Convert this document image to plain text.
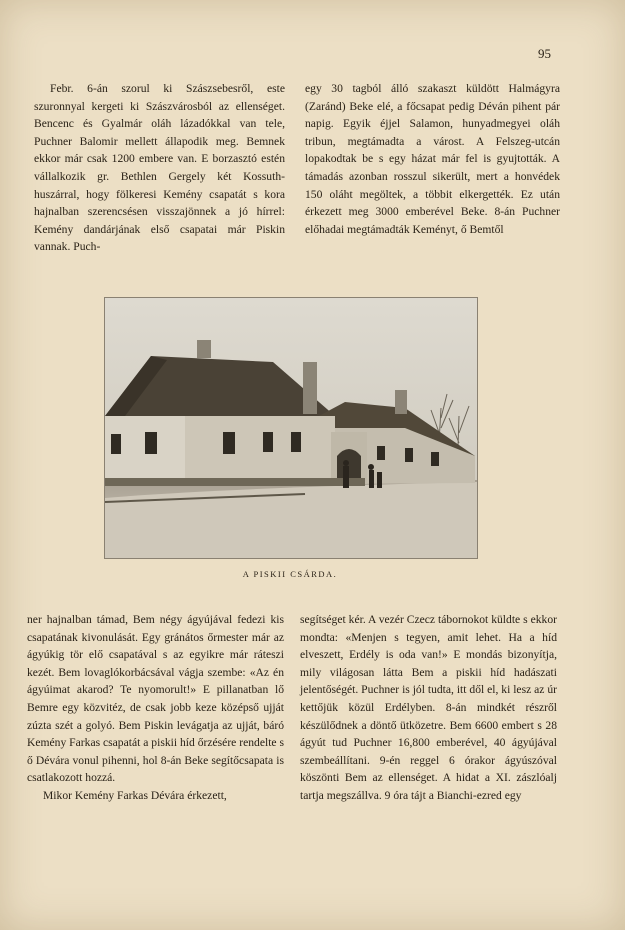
95

Febr. 6-án szorul ki Szászsebesről, este szuronnyal kergeti ki Szászvárosból az ellenséget. Bencenc és Gyalmár oláh lázadókkal van tele, Puchner Balomir mellett állapodik meg. Bemnek ekkor már csak 1200 embere van. E borzasztó estén vállalkozik gr. Bethlen Gergely két Kossuth-huszárral, hogy fölkeresi Kemény csapatát s kora hajnalban szerencsésen visszajönnek a jó hírrel: Kemény dandárjának első csapatai már Piskin vannak. Puch-

egy 30 tagból álló szakaszt küldött Halmágyra (Zaránd) Beke elé, a főcsapat pedig Déván pihent pár napig. Egyik éjjel Salamon, hunyadmegyei oláh tribun, megtámadta a várost. A Felszeg-utcán lopakodtak be s egy házat már fel is gyujtották. A támadás azonban rosszul sikerült, mert a honvédek 150 oláht megöltek, a többit elkergették. Ez után érkezett meg 3000 emberével Beke. 8-án Puchner előhadai megtámadták Keményt, ő Bemtől

A PISKII CSÁRDA.

ner hajnalban támad, Bem négy ágyújával fedezi kis csapatának kivonulását. Egy gránátos őrmester már az ágyúkig tör elő csapatával s az egyikre már ráteszi kezét. Bem lovaglókorbácsával vágja szembe: «Az én ágyúimat akarod? Te nyomorult!» E pillanatban lő Bemre egy közvitéz, de csak jobb keze középső ujját zúzta szét a golyó. Bem Piskin levágatja az ujját, báró Kemény Farkas csapatát a piskii híd őrzésére rendelte s ő Dévára vonul pihenni, hol 8-án Beke segítőcsapata is csatlakozott hozzá.

Mikor Kemény Farkas Dévára érkezett,

segítséget kér. A vezér Czecz tábornokot küldte s ekkor mondta: «Menjen s tegyen, amit lehet. Ha a híd elveszett, Erdély is oda van!» E mondás bizonyítja, mily világosan látta Bem a piskii híd hadászati jelentőségét. Puchner is jól tudta, itt dől el, ki lesz az úr kettőjük közül Erdélyben. 8-án mindkét részről készülődnek a döntő ütközetre. Bem 6600 embert s 28 ágyút tud Puchner 16,800 emberével, 40 ágyújával szembeállítani. 9-én reggel 6 órakor ágyúszóval köszönti Bem az ellenséget. A hidat a XI. zászlóalj tartja megszállva. 9 óra tájt a Bianchi-ezred egy
